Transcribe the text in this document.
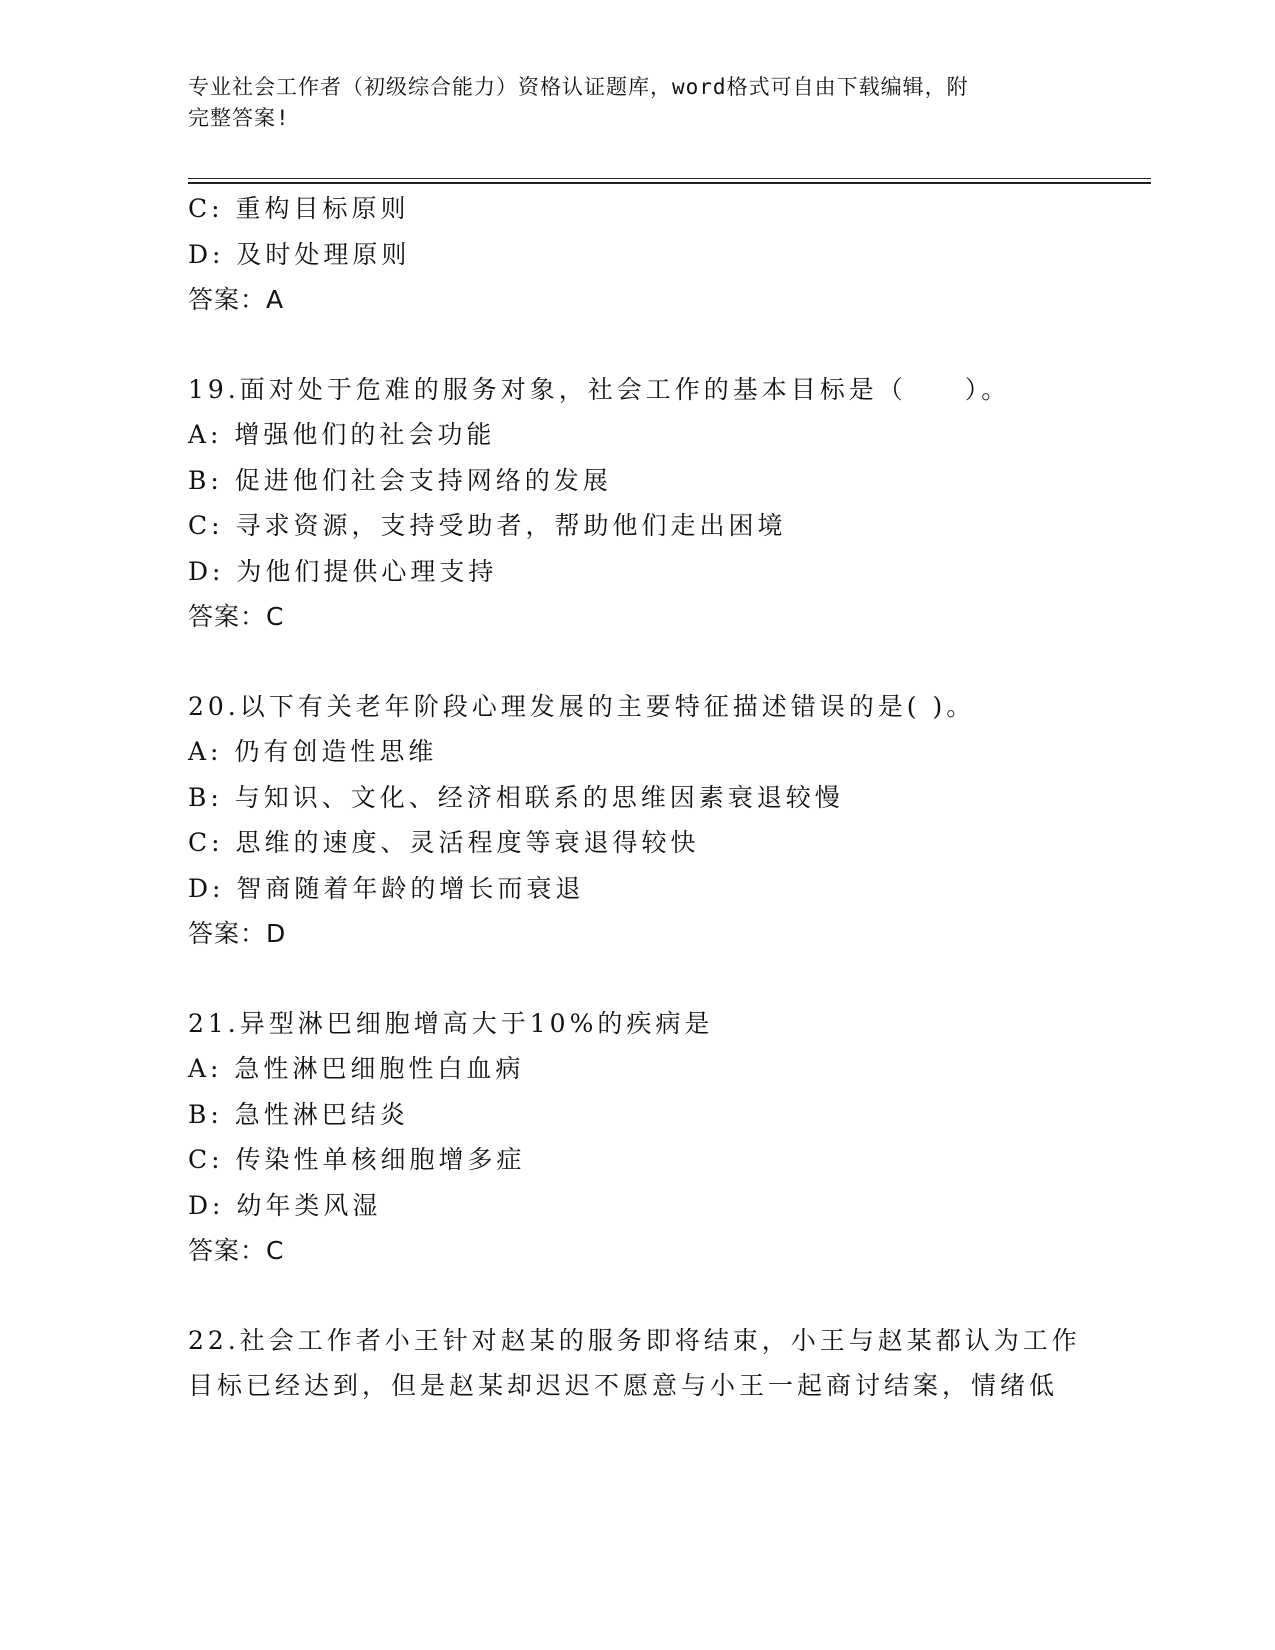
专业社会工作者（初级综合能力）资格认证题库，word格式可自由下载编辑，附
完整答案!
C: 重构目标原则
D: 及时处理原则
答案：A
19.面对处于危难的服务对象，社会工作的基本目标是（　　）。
A: 增强他们的社会功能
B: 促进他们社会支持网络的发展
C: 寻求资源，支持受助者，帮助他们走出困境
D: 为他们提供心理支持
答案：C
20.以下有关老年阶段心理发展的主要特征描述错误的是( )。
A: 仍有创造性思维
B: 与知识、文化、经济相联系的思维因素衰退较慢
C: 思维的速度、灵活程度等衰退得较快
D: 智商随着年龄的增长而衰退
答案：D
21.异型淋巴细胞增高大于10%的疾病是
A: 急性淋巴细胞性白血病
B: 急性淋巴结炎
C: 传染性单核细胞增多症
D: 幼年类风湿
答案：C
22.社会工作者小王针对赵某的服务即将结束，小王与赵某都认为工作
目标已经达到，但是赵某却迟迟不愿意与小王一起商讨结案，情绪低
